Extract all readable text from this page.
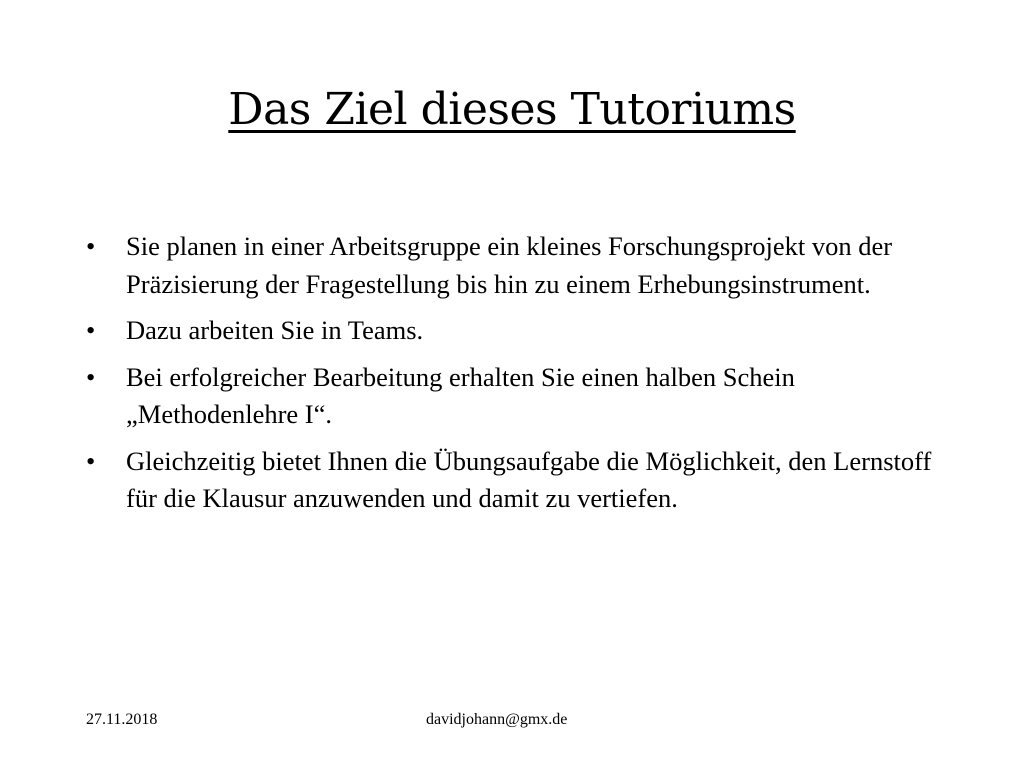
Das Ziel dieses Tutoriums
•	Sie planen in einer Arbeitsgruppe ein kleines Forschungsprojekt von der Präzisierung der Fragestellung bis hin zu einem Erhebungsinstrument.
•	Dazu arbeiten Sie in Teams.
•	Bei erfolgreicher Bearbeitung erhalten Sie einen halben Schein „Methodenlehre I“.
•	Gleichzeitig bietet Ihnen die Übungsaufgabe die Möglichkeit, den Lernstoff für die Klausur anzuwenden und damit zu vertiefen.
27.11.2018	davidjohann@gmx.de
